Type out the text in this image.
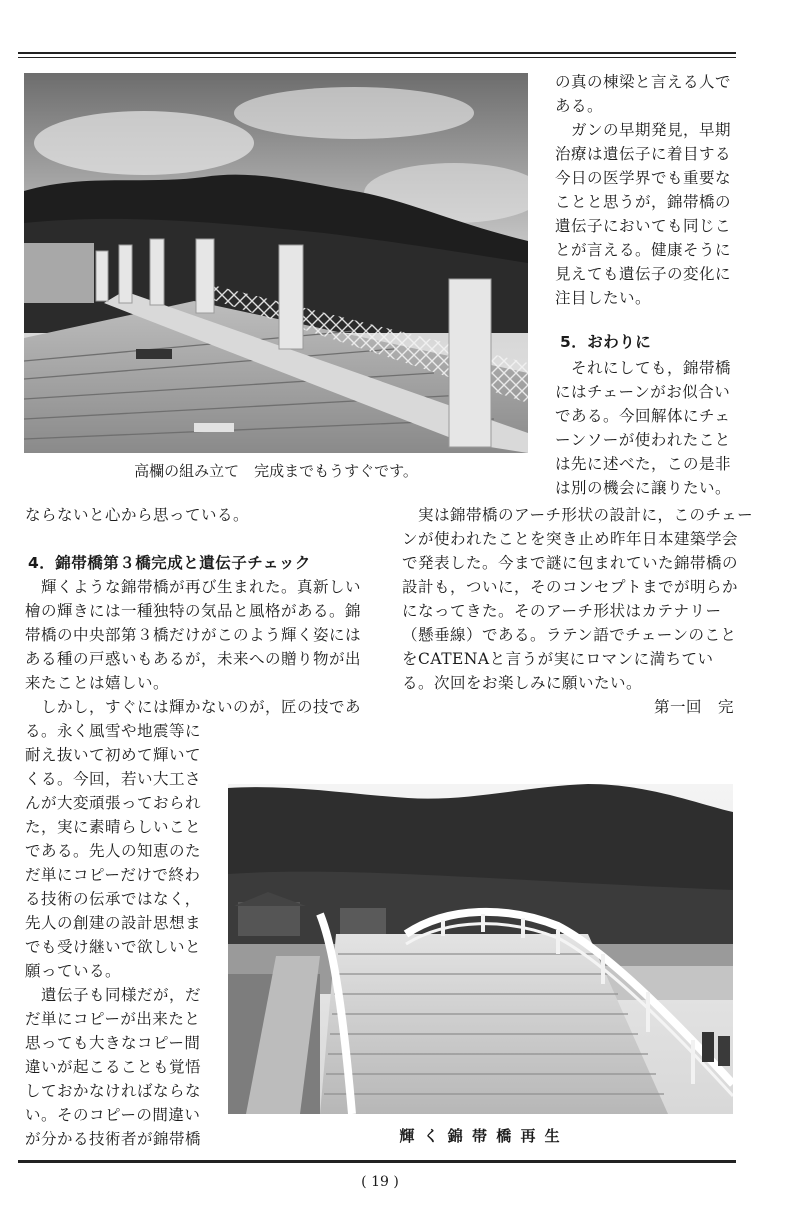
高欄の組み立て　完成までもうすぐです。

の真の棟梁と言える人で
ある。
　ガンの早期発見，早期
治療は遺伝子に着目する
今日の医学界でも重要な
ことと思うが，錦帯橋の
遺伝子においても同じこ
とが言える。健康そうに
見えても遺伝子の変化に
注目したい。

5．おわりに

　それにしても，錦帯橋
にはチェーンがお似合い
である。今回解体にチェ
ーンソーが使われたこと
は先に述べた，この是非
は別の機会に譲りたい。

ならないと心から思っている。

4．錦帯橋第３橋完成と遺伝子チェック

　輝くような錦帯橋が再び生まれた。真新しい
檜の輝きには一種独特の気品と風格がある。錦
帯橋の中央部第３橋だけがこのよう輝く姿には
ある種の戸惑いもあるが，未来への贈り物が出
来たことは嬉しい。
　しかし，すぐには輝かないのが，匠の技であ

る。永く風雪や地震等に
耐え抜いて初めて輝いて
くる。今回，若い大工さ
んが大変頑張っておられ
た，実に素晴らしいこと
である。先人の知恵のた
だ単にコピーだけで終わ
る技術の伝承ではなく，
先人の創建の設計思想ま
でも受け継いで欲しいと
願っている。
　遺伝子も同様だが，だ
だ単にコピーが出来たと
思っても大きなコピー間
違いが起こることも覚悟
しておかなければならな
い。そのコピーの間違い
が分かる技術者が錦帯橋

　実は錦帯橋のアーチ形状の設計に，このチェー
ンが使われたことを突き止め昨年日本建築学会
で発表した。今まで謎に包まれていた錦帯橋の
設計も，ついに，そのコンセプトまでが明らか
になってきた。そのアーチ形状はカテナリー
（懸垂線）である。ラテン語でチェーンのこと
をCATENAと言うが実にロマンに満ちてい
る。次回をお楽しみに願いたい。

第一回　完
輝 く 錦 帯 橋 再 生
( 19 )
